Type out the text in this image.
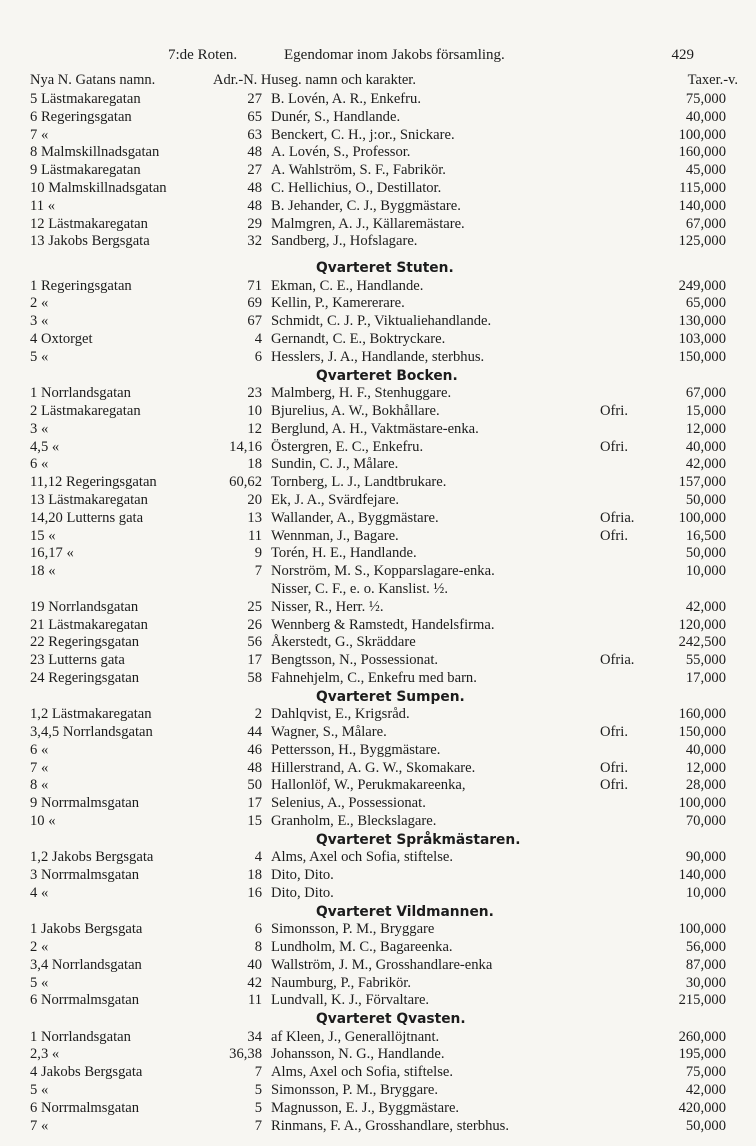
7:de Roten.	Egendomar inom Jakobs församling.	429
Nya N. Gatans namn.	Adr.-N. Huseg. namn och karakter.	Taxer.-v.
5 Lästmakaregatan	27 B. Lovén, A. R., Enkefru.	75,000
6 Regeringsgatan	65 Dunér, S., Handlande.	40,000
7 «	63 Benckert, C. H., j:or., Snickare.	100,000
8 Malmskillnadsgatan	48 A. Lovén, S., Professor.	160,000
9 Lästmakaregatan	27 A. Wahlström, S. F., Fabrikör.	45,000
10 Malmskillnadsgatan	48 C. Hellichius, O., Destillator.	115,000
11 «	48 B. Jehander, C. J., Byggmästare.	140,000
12 Lästmakaregatan	29 Malmgren, A. J., Källaremästare.	67,000
13 Jakobs Bergsgata	32 Sandberg, J., Hofslagare.	125,000
Qvarteret Stuten.
1 Regeringsgatan	71 Ekman, C. E., Handlande.	249,000
2 «	69 Kellin, P., Kamererare.	65,000
3 «	67 Schmidt, C. J. P., Viktualiehandlande.	130,000
4 Oxtorget	4 Gernandt, C. E., Boktryckare.	103,000
5 «	6 Hesslers, J. A., Handlande, sterbhus.	150,000
Qvarteret Bocken.
1 Norrlandsgatan	23 Malmberg, H. F., Stenhuggare.	67,000
2 Lästmakaregatan	10 Bjurelius, A. W., Bokhållare.	Ofri.	15,000
3 «	12 Berglund, A. H., Vaktmästare-enka.	12,000
4,5 «	14,16 Östergren, E. C., Enkefru.	Ofri.	40,000
6 «	18 Sundin, C. J., Målare.	42,000
11,12 Regeringsgatan	60,62 Tornberg, L. J., Landtbrukare.	157,000
13 Lästmakaregatan	20 Ek, J. A., Svärdfejare.	50,000
14,20 Lutterns gata	13 Wallander, A., Byggmästare.	Ofria.	100,000
15 «	11 Wennman, J., Bagare.	Ofri.	16,500
16,17 «	9 Torén, H. E., Handlande.	50,000
18 «	7 Norström, M. S., Kopparslagare-enka.	10,000
Nisser, C. F., e. o. Kanslist. ½.
19 Norrlandsgatan	25 Nisser, R., Herr. ½.	42,000
21 Lästmakaregatan	26 Wennberg & Ramstedt, Handelsfirma.	120,000
22 Regeringsgatan	56 Åkerstedt, G., Skräddare	242,500
23 Lutterns gata	17 Bengtsson, N., Possessionat.	Ofria.	55,000
24 Regeringsgatan	58 Fahnehjelm, C., Enkefru med barn.	17,000
Qvarteret Sumpen.
1,2 Lästmakaregatan	2 Dahlqvist, E., Krigsråd.	160,000
3,4,5 Norrlandsgatan	44 Wagner, S., Målare.	Ofri.	150,000
6 «	46 Pettersson, H., Byggmästare.	40,000
7 «	48 Hillerstrand, A. G. W., Skomakare.	Ofri.	12,000
8 «	50 Hallonlöf, W., Perukmakareenka,	Ofri.	28,000
9 Norrmalmsgatan	17 Selenius, A., Possessionat.	100,000
10 «	15 Granholm, E., Bleckslagare.	70,000
Qvarteret Språkmästaren.
1,2 Jakobs Bergsgata	4 Alms, Axel och Sofia, stiftelse.	90,000
3 Norrmalmsgatan	18 Dito, Dito.	140,000
4 «	16 Dito, Dito.	10,000
Qvarteret Vildmannen.
1 Jakobs Bergsgata	6 Simonsson, P. M., Bryggare	100,000
2 «	8 Lundholm, M. C., Bagareenka.	56,000
3,4 Norrlandsgatan	40 Wallström, J. M., Grosshandlare-enka	87,000
5 «	42 Naumburg, P., Fabrikör.	30,000
6 Norrmalmsgatan	11 Lundvall, K. J., Förvaltare.	215,000
Qvarteret Qvasten.
1 Norrlandsgatan	34 af Kleen, J., Generallöjtnant.	260,000
2,3 «	36,38 Johansson, N. G., Handlande.	195,000
4 Jakobs Bergsgata	7 Alms, Axel och Sofia, stiftelse.	75,000
5 «	5 Simonsson, P. M., Bryggare.	42,000
6 Norrmalmsgatan	5 Magnusson, E. J., Byggmästare.	420,000
7 «	7 Rinmans, F. A., Grosshandlare, sterbhus.	50,000
